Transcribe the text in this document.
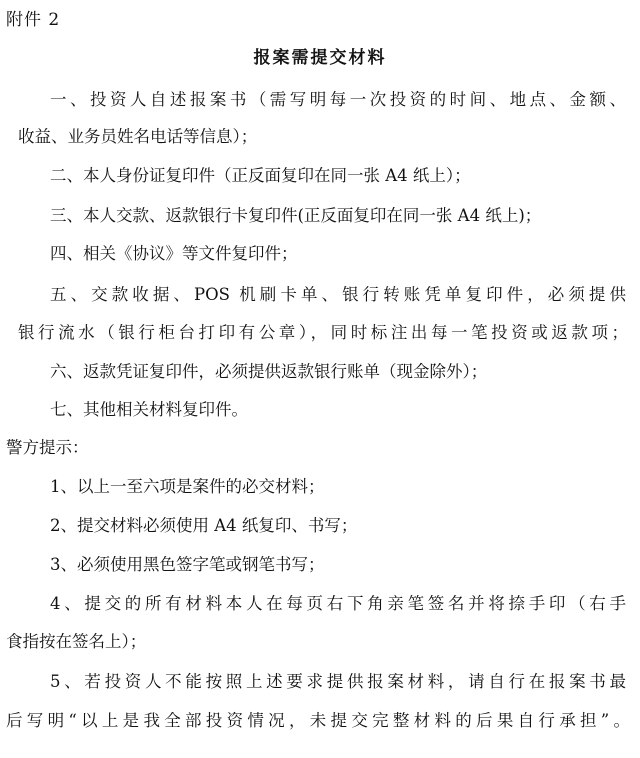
附件 2
报案需提交材料
一、投资人自述报案书（需写明每一次投资的时间、地点、金额、
收益、业务员姓名电话等信息）；
二、本人身份证复印件（正反面复印在同一张 A4 纸上）；
三、本人交款、返款银行卡复印件(正反面复印在同一张 A4 纸上)；
四、相关《协议》等文件复印件；
五、交款收据、POS 机刷卡单、银行转账凭单复印件，必须提供
银行流水（银行柜台打印有公章），同时标注出每一笔投资或返款项；
六、返款凭证复印件，必须提供返款银行账单（现金除外）；
七、其他相关材料复印件。
警方提示：
1、以上一至六项是案件的必交材料；
2、提交材料必须使用 A4 纸复印、书写；
3、必须使用黑色签字笔或钢笔书写；
4、提交的所有材料本人在每页右下角亲笔签名并将捺手印（右手
食指按在签名上）；
5、若投资人不能按照上述要求提供报案材料，请自行在报案书最
后写明“以上是我全部投资情况，未提交完整材料的后果自行承担”。
